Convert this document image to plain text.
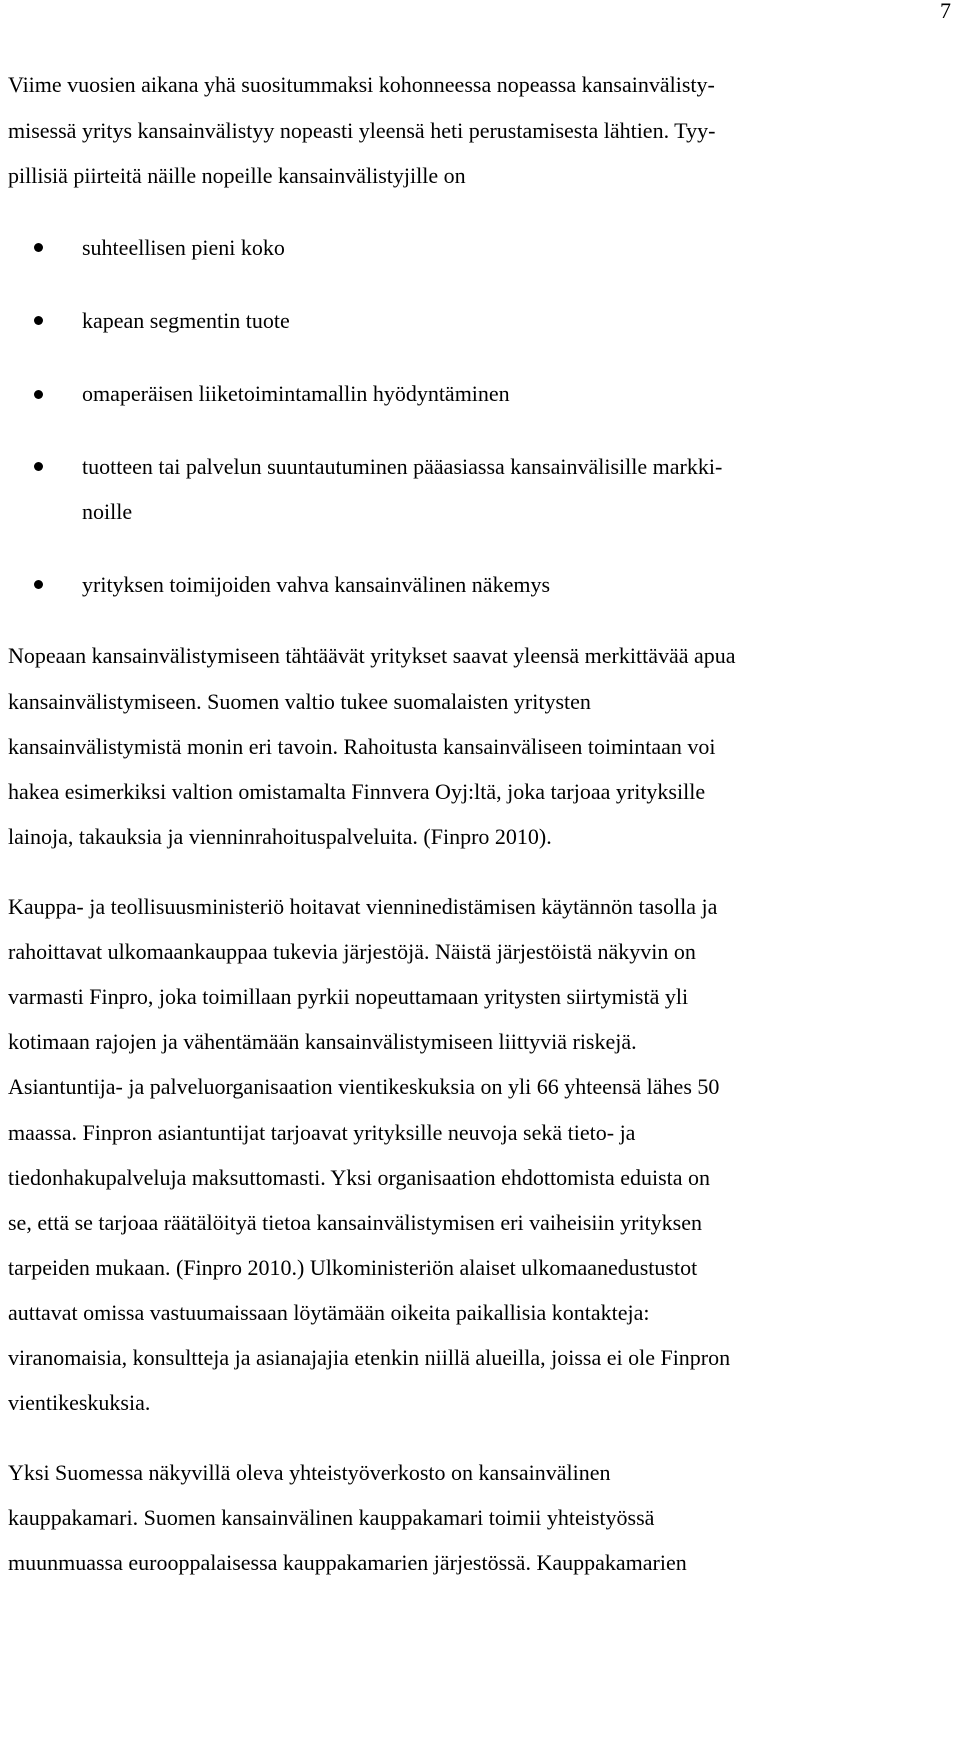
7
Viime vuosien aikana yhä suositummaksi kohonneessa nopeassa kansainvälisty-
misessä yritys kansainvälistyy nopeasti yleensä heti perustamisesta lähtien. Tyy-
pillisiä piirteitä näille nopeille kansainvälistyjille on
suhteellisen pieni koko
kapean segmentin tuote
omaperäisen liiketoimintamallin hyödyntäminen
tuotteen tai palvelun suuntautuminen pääasiassa kansainvälisille markki-
noille
yrityksen toimijoiden vahva kansainvälinen näkemys
Nopeaan kansainvälistymiseen tähtäävät yritykset saavat yleensä merkittävää apua
kansainvälistymiseen. Suomen valtio tukee suomalaisten yritysten
kansainvälistymistä monin eri tavoin. Rahoitusta kansainväliseen toimintaan voi
hakea esimerkiksi valtion omistamalta Finnvera Oyj:ltä, joka tarjoaa yrityksille
lainoja, takauksia ja vienninrahoituspalveluita. (Finpro 2010).
Kauppa- ja teollisuusministeriö hoitavat vienninedistämisen käytännön tasolla ja
rahoittavat ulkomaankauppaa tukevia järjestöjä. Näistä järjestöistä näkyvin on
varmasti Finpro, joka toimillaan pyrkii nopeuttamaan yritysten siirtymistä yli
kotimaan rajojen ja vähentämään kansainvälistymiseen liittyviä riskejä.
Asiantuntija- ja palveluorganisaation vientikeskuksia on yli 66 yhteensä lähes 50
maassa. Finpron asiantuntijat tarjoavat yrityksille neuvoja sekä tieto- ja
tiedonhakupalveluja maksuttomasti. Yksi organisaation ehdottomista eduista on
se, että se tarjoaa räätälöityä tietoa kansainvälistymisen eri vaiheisiin yrityksen
tarpeiden mukaan. (Finpro 2010.) Ulkoministeriön alaiset ulkomaanedustustot
auttavat omissa vastuumaissaan löytämään oikeita paikallisia kontakteja:
viranomaisia, konsultteja ja asianajajia etenkin niillä alueilla, joissa ei ole Finpron
vientikeskuksia.
Yksi Suomessa näkyvillä oleva yhteistyöverkosto on kansainvälinen
kauppakamari. Suomen kansainvälinen kauppakamari toimii yhteistyössä
muunmuassa eurooppalaisessa kauppakamarien järjestössä. Kauppakamarien
